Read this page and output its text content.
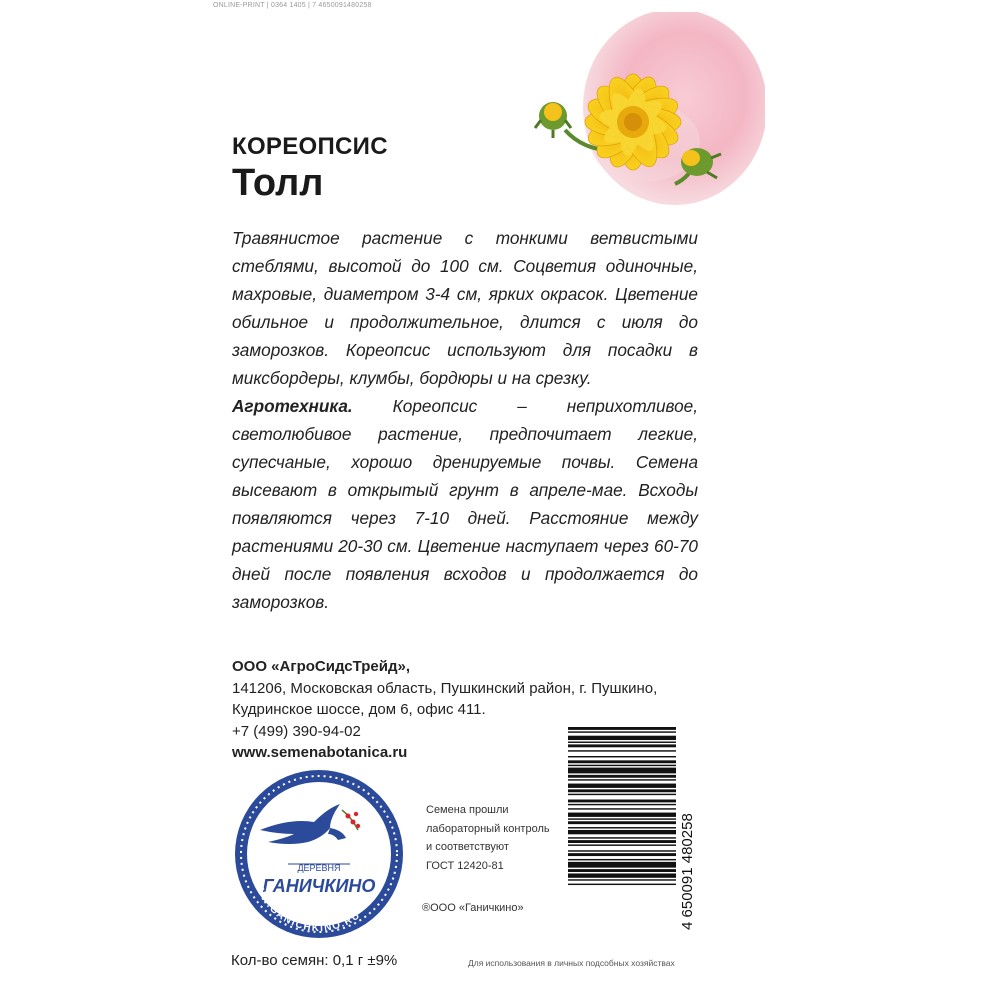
ONLINE-PRINT | 0364 1405 | 7 4650091480258
КОРЕОПСИС
Толл

Травянистое растение с тонкими ветвистыми стеблями, высотой до 100 см. Соцветия одиночные, махровые, диаметром 3-4 см, ярких окрасок. Цветение обильное и продолжительное, длится с июля до заморозков. Кореопсис используют для посадки в миксбордеры, клумбы, бордюры и на срезку.

Агротехника. Кореопсис – неприхотливое, светолюбивое растение, предпочитает легкие, супесчаные, хорошо дренируемые почвы. Семена высевают в открытый грунт в апреле-мае. Всходы появляются через 7-10 дней. Расстояние между растениями 20-30 см. Цветение наступает через 60-70 дней после появления всходов и продолжается до заморозков.

ООО «АгроСидсТрейд»,
141206, Московская область, Пушкинский район, г. Пушкино,
Кудринское шоссе, дом 6, офис 411.
+7 (499) 390-94-02
www.semenabotanica.ru
ДЕРЕВНЯ
ГАНИЧКИНО
WWW.GANICHKINO.RU
Семена прошли
лабораторный контроль
и соответствуют
ГОСТ 12420-81
®ООО «Ганичкино»	4 650091 480258
Кол-во семян: 0,1 г ±9%	Для использования в личных подсобных хозяйствах
